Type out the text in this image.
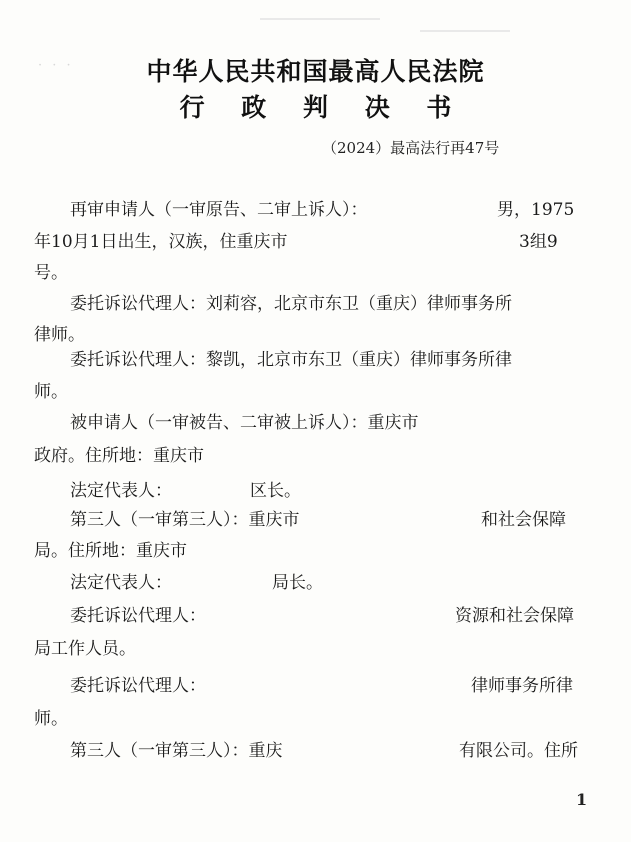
· · ·	中华人民共和国最高人民法院
行 政 判 决 书
（2024）最高法行再47号
再审申请人（一审原告、二审上诉人）：	男，1975
年10月1日出生，汉族，住重庆市	3组9
号。
委托诉讼代理人：刘莉容，北京市东卫（重庆）律师事务所
律师。
委托诉讼代理人：黎凯，北京市东卫（重庆）律师事务所律
师。
被申请人（一审被告、二审被上诉人）：重庆市
政府。住所地：重庆市
法定代表人：	区长。
第三人（一审第三人）：重庆市	和社会保障
局。住所地：重庆市
法定代表人：	局长。
委托诉讼代理人：	资源和社会保障
局工作人员。
委托诉讼代理人：	律师事务所律
师。
第三人（一审第三人）：重庆	有限公司。住所
1
